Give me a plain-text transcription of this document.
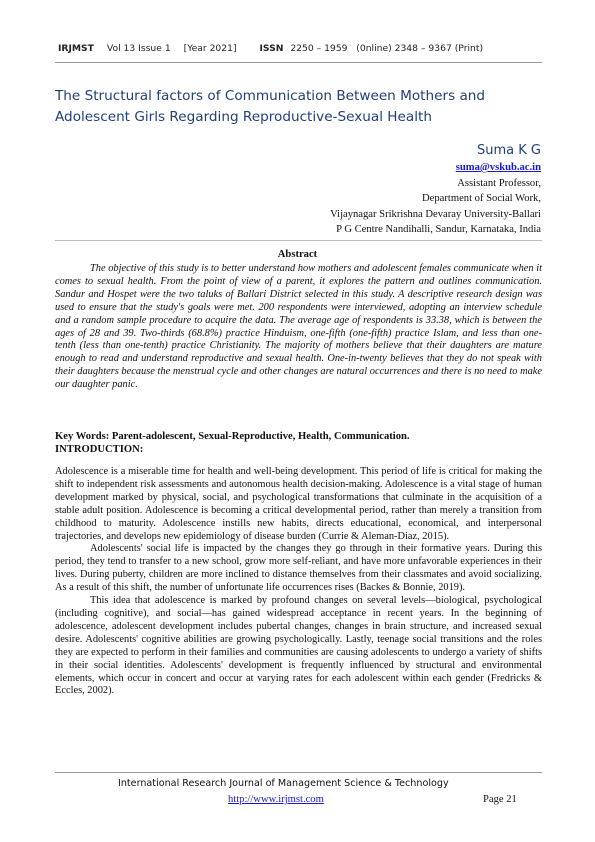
IRJMST Vol 13 Issue 1 [Year 2021] ISSN 2250 – 1959   (0nline) 2348 – 9367 (Print)
The Structural factors of Communication Between Mothers and Adolescent Girls Regarding Reproductive-Sexual Health
Suma K G
suma@vskub.ac.in
Assistant Professor,
Department of Social Work,
Vijaynagar Srikrishna Devaray University-Ballari
P G Centre Nandihalli, Sandur, Karnataka, India
Abstract

The objective of this study is to better understand how mothers and adolescent females communicate when it comes to sexual health. From the point of view of a parent, it explores the pattern and outlines communication. Sandur and Hospet were the two taluks of Ballari District selected in this study. A descriptive research design was used to ensure that the study's goals were met. 200 respondents were interviewed, adopting an interview schedule and a random sample procedure to acquire the data. The average age of respondents is 33.38, which is between the ages of 28 and 39. Two-thirds (68.8%) practice Hinduism, one-fifth (one-fifth) practice Islam, and less than one-tenth (less than one-tenth) practice Christianity. The majority of mothers believe that their daughters are mature enough to read and understand reproductive and sexual health. One-in-twenty believes that they do not speak with their daughters because the menstrual cycle and other changes are natural occurrences and there is no need to make our daughter panic.

Key Words: Parent-adolescent, Sexual-Reproductive, Health, Communication.
INTRODUCTION:

Adolescence is a miserable time for health and well-being development. This period of life is critical for making the shift to independent risk assessments and autonomous health decision-making. Adolescence is a vital stage of human development marked by physical, social, and psychological transformations that culminate in the acquisition of a stable adult position. Adolescence is becoming a critical developmental period, rather than merely a transition from childhood to maturity. Adolescence instills new habits, directs educational, economical, and interpersonal trajectories, and develops new epidemiology of disease burden (Currie & Aleman-Diaz, 2015).

Adolescents' social life is impacted by the changes they go through in their formative years. During this period, they tend to transfer to a new school, grow more self-reliant, and have more unfavorable experiences in their lives. During puberty, children are more inclined to distance themselves from their classmates and avoid socializing. As a result of this shift, the number of unfortunate life occurrences rises (Backes & Bonnie, 2019).

This idea that adolescence is marked by profound changes on several levels—biological, psychological (including cognitive), and social—has gained widespread acceptance in recent years. In the beginning of adolescence, adolescent development includes pubertal changes, changes in brain structure, and increased sexual desire. Adolescents' cognitive abilities are growing psychologically. Lastly, teenage social transitions and the roles they are expected to perform in their families and communities are causing adolescents to undergo a variety of shifts in their social identities. Adolescents' development is frequently influenced by structural and environmental elements, which occur in concert and occur at varying rates for each adolescent within each gender (Fredricks & Eccles, 2002).

International Research Journal of Management Science & Technology
http://www.irjmst.com	Page 21
